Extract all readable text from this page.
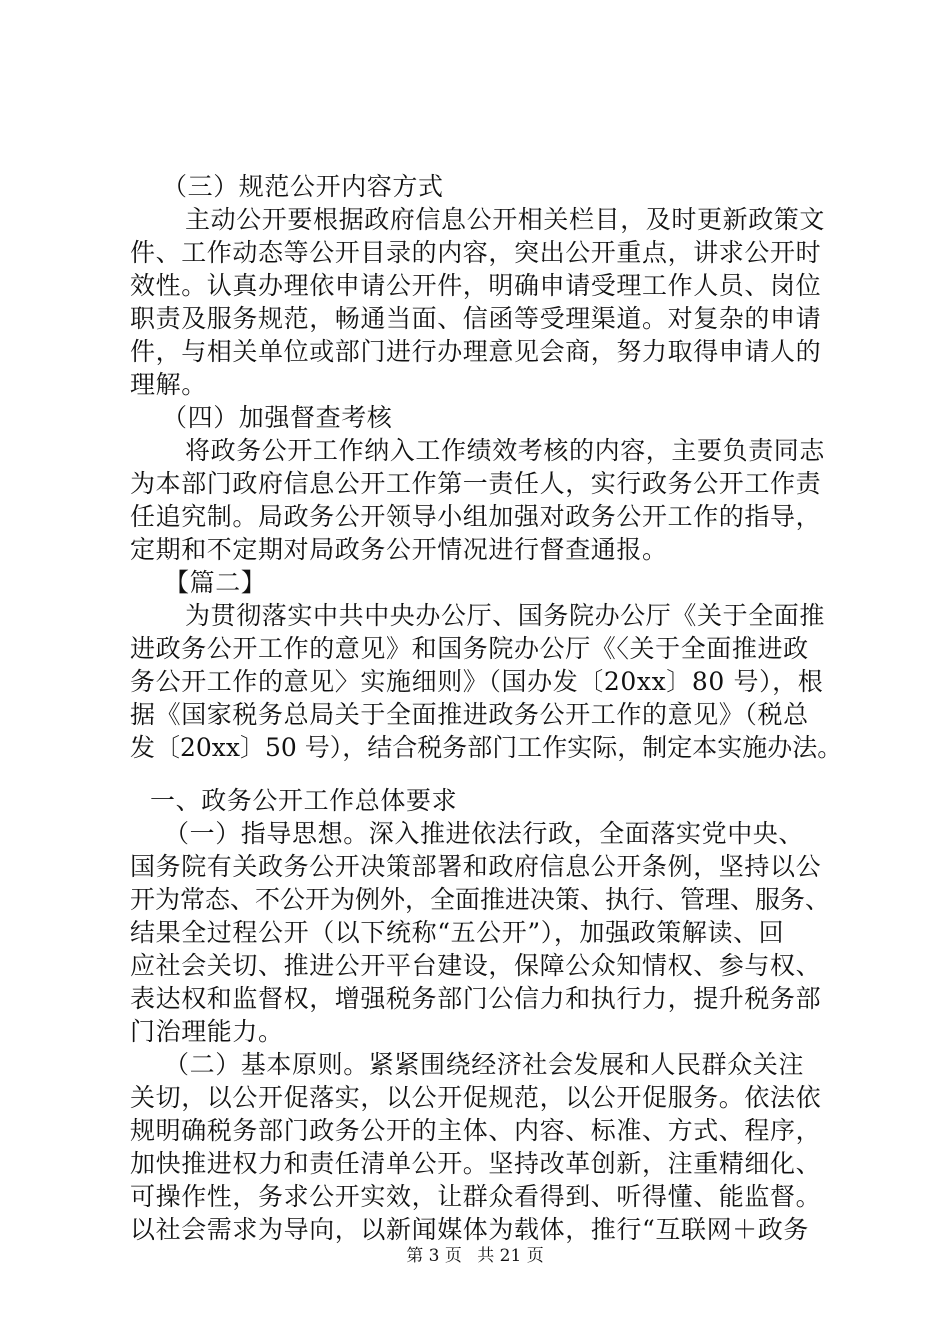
（三）规范公开内容方式
主动公开要根据政府信息公开相关栏目，及时更新政策文
件、工作动态等公开目录的内容，突出公开重点，讲求公开时
效性。认真办理依申请公开件，明确申请受理工作人员、岗位
职责及服务规范，畅通当面、信函等受理渠道。对复杂的申请
件，与相关单位或部门进行办理意见会商，努力取得申请人的
理解。
（四）加强督查考核
将政务公开工作纳入工作绩效考核的内容，主要负责同志
为本部门政府信息公开工作第一责任人，实行政务公开工作责
任追究制。局政务公开领导小组加强对政务公开工作的指导，
定期和不定期对局政务公开情况进行督查通报。
【篇二】
为贯彻落实中共中央办公厅、国务院办公厅《关于全面推
进政务公开工作的意见》和国务院办公厅《〈关于全面推进政
务公开工作的意见〉实施细则》（国办发〔20xx〕80 号），根
据《国家税务总局关于全面推进政务公开工作的意见》（税总
发〔20xx〕50 号），结合税务部门工作实际，制定本实施办法。
一、政务公开工作总体要求
（一）指导思想。深入推进依法行政，全面落实党中央、
国务院有关政务公开决策部署和政府信息公开条例，坚持以公
开为常态、不公开为例外，全面推进决策、执行、管理、服务、
结果全过程公开（以下统称“五公开”），加强政策解读、回
应社会关切、推进公开平台建设，保障公众知情权、参与权、
表达权和监督权，增强税务部门公信力和执行力，提升税务部
门治理能力。
（二）基本原则。紧紧围绕经济社会发展和人民群众关注
关切，以公开促落实，以公开促规范，以公开促服务。依法依
规明确税务部门政务公开的主体、内容、标准、方式、程序，
加快推进权力和责任清单公开。坚持改革创新，注重精细化、
可操作性，务求公开实效，让群众看得到、听得懂、能监督。
以社会需求为导向，以新闻媒体为载体，推行“互联网＋政务
第 3 页 共 21 页
